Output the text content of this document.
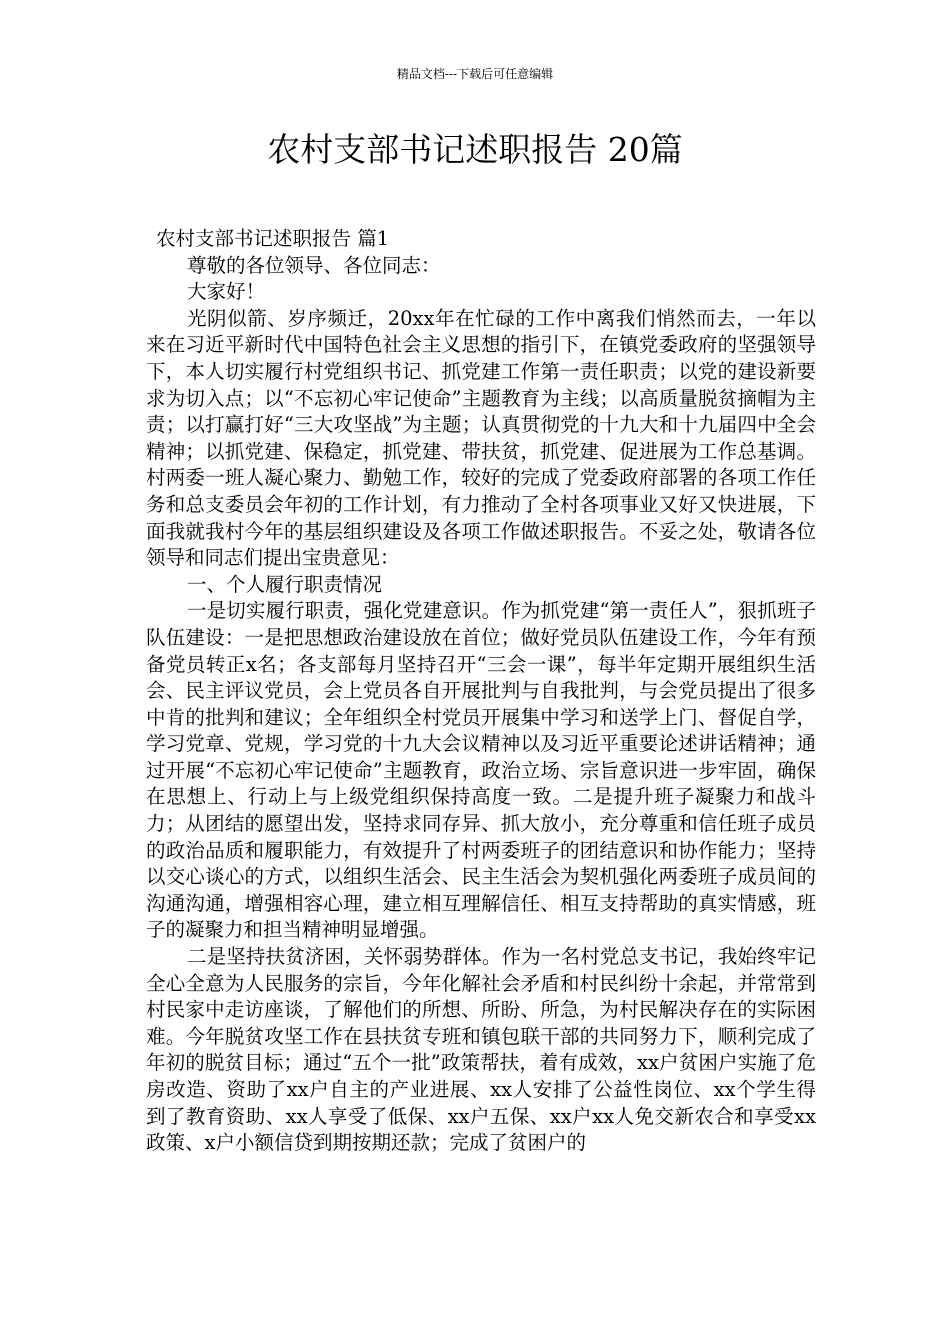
精品文档---下载后可任意编辑
农村支部书记述职报告 20篇
农村支部书记述职报告 篇1

尊敬的各位领导、各位同志：

大家好！

光阴似箭、岁序频迁，20xx年在忙碌的工作中离我们悄然而去，一年以来在习近平新时代中国特色社会主义思想的指引下，在镇党委政府的坚强领导下，本人切实履行村党组织书记、抓党建工作第一责任职责；以党的建设新要求为切入点；以“不忘初心牢记使命”主题教育为主线；以高质量脱贫摘帽为主责；以打赢打好“三大攻坚战”为主题；认真贯彻党的十九大和十九届四中全会精神；以抓党建、保稳定，抓党建、带扶贫，抓党建、促进展为工作总基调。村两委一班人凝心聚力、勤勉工作，较好的完成了党委政府部署的各项工作任务和总支委员会年初的工作计划，有力推动了全村各项事业又好又快进展，下面我就我村今年的基层组织建设及各项工作做述职报告。不妥之处，敬请各位领导和同志们提出宝贵意见：

一、个人履行职责情况

一是切实履行职责，强化党建意识。作为抓党建“第一责任人”，狠抓班子队伍建设：一是把思想政治建设放在首位；做好党员队伍建设工作，今年有预备党员转正x名；各支部每月坚持召开“三会一课”，每半年定期开展组织生活会、民主评议党员，会上党员各自开展批判与自我批判，与会党员提出了很多中肯的批判和建议；全年组织全村党员开展集中学习和送学上门、督促自学，学习党章、党规，学习党的十九大会议精神以及习近平重要论述讲话精神；通过开展“不忘初心牢记使命”主题教育，政治立场、宗旨意识进一步牢固，确保在思想上、行动上与上级党组织保持高度一致。二是提升班子凝聚力和战斗力；从团结的愿望出发，坚持求同存异、抓大放小，充分尊重和信任班子成员的政治品质和履职能力，有效提升了村两委班子的团结意识和协作能力；坚持以交心谈心的方式，以组织生活会、民主生活会为契机强化两委班子成员间的沟通沟通，增强相容心理，建立相互理解信任、相互支持帮助的真实情感，班子的凝聚力和担当精神明显增强。

二是坚持扶贫济困，关怀弱势群体。作为一名村党总支书记，我始终牢记全心全意为人民服务的宗旨，今年化解社会矛盾和村民纠纷十余起，并常常到村民家中走访座谈，了解他们的所想、所盼、所急，为村民解决存在的实际困难。今年脱贫攻坚工作在县扶贫专班和镇包联干部的共同努力下，顺利完成了年初的脱贫目标；通过“五个一批”政策帮扶，着有成效，xx户贫困户实施了危房改造、资助了xx户自主的产业进展、xx人安排了公益性岗位、xx个学生得到了教育资助、xx人享受了低保、xx户五保、xx户xx人免交新农合和享受xx政策、x户小额信贷到期按期还款；完成了贫困户的
